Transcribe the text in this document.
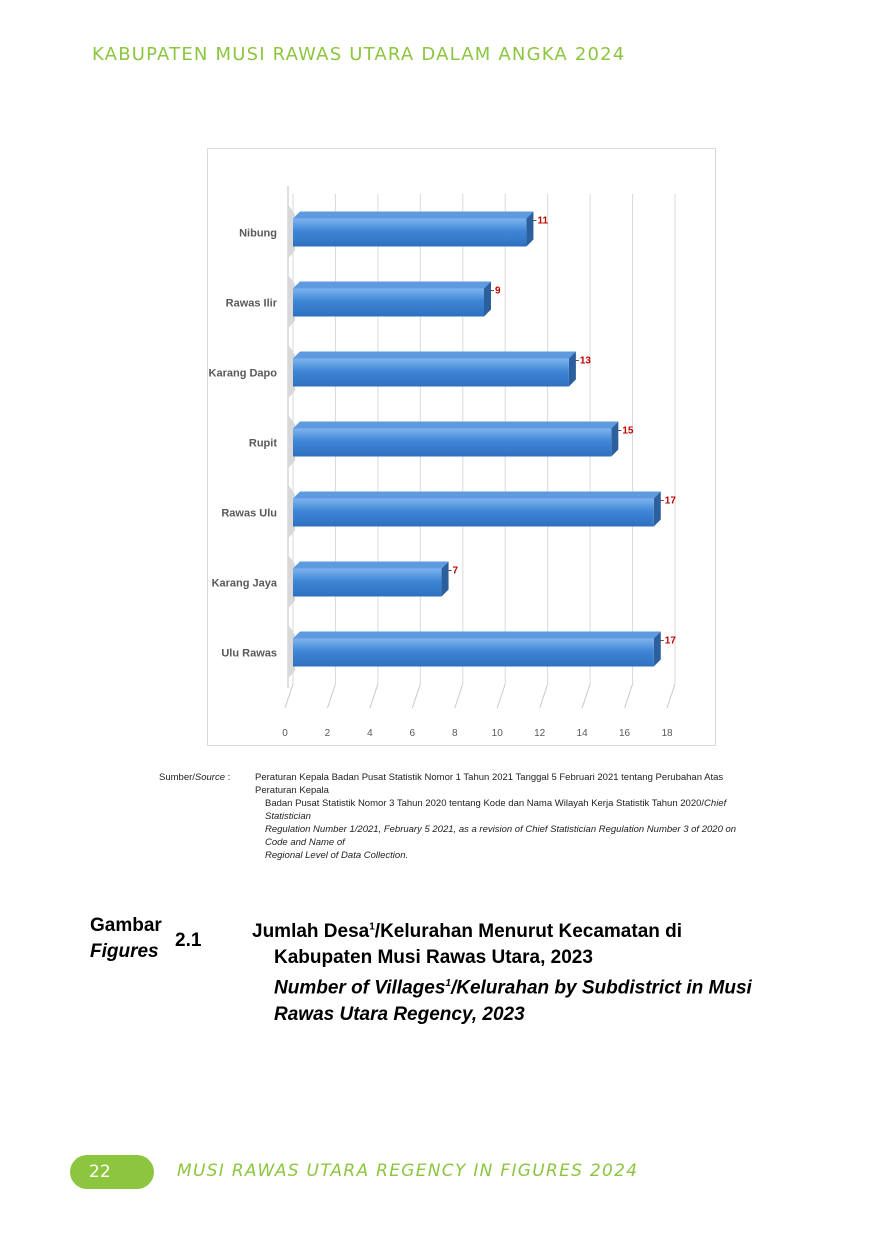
KABUPATEN MUSI RAWAS UTARA DALAM ANGKA 2024
0	2	4	6	8	10	12	14	16	18
11
Nibung
9
Rawas Ilir
13
Karang Dapo
15
Rupit
17
Rawas Ulu
7
Karang Jaya
17
Ulu Rawas
Sumber/Source :	Peraturan Kepala Badan Pusat Statistik Nomor 1 Tahun 2021 Tanggal 5 Februari 2021 tentang Perubahan Atas Peraturan Kepala
Badan Pusat Statistik Nomor 3 Tahun 2020 tentang Kode dan Nama Wilayah Kerja Statistik Tahun 2020/Chief Statistician
Regulation Number 1/2021, February 5 2021, as a revision of Chief Statistician Regulation Number 3 of 2020 on Code and Name of
Regional Level of Data Collection.
Gambar
Figures
2.1	Jumlah Desa$^1$/Kelurahan Menurut Kecamatan di
Kabupaten Musi Rawas Utara, 2023
Number of Villages$^1$/Kelurahan by Subdistrict in Musi
Rawas Utara Regency, 2023
22	MUSI RAWAS UTARA REGENCY IN FIGURES 2024
